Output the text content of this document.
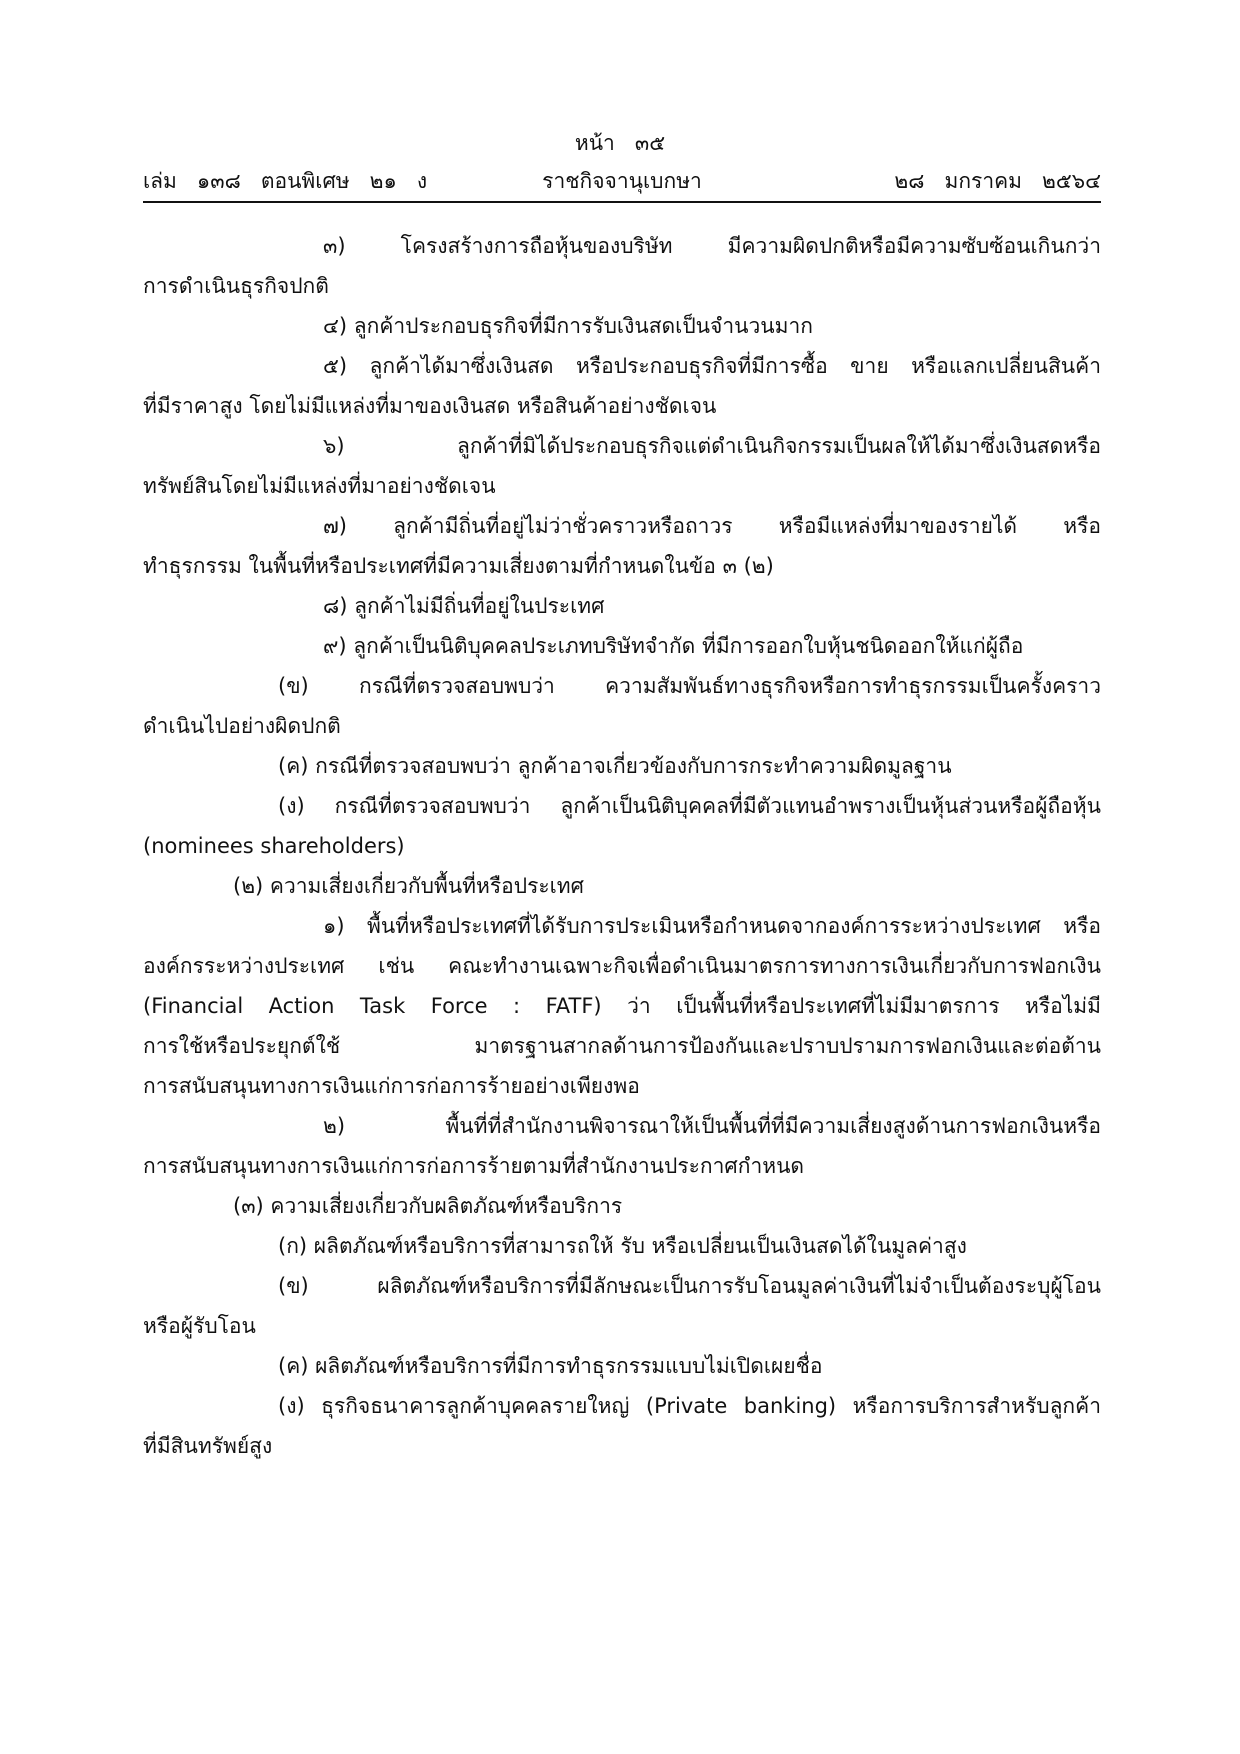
หน้า   ๓๕
เล่ม   ๑๓๘   ตอนพิเศษ   ๒๑   ง	ราชกิจจานุเบกษา	๒๘   มกราคม   ๒๕๖๔
๓) โครงสร้างการถือหุ้นของบริษัท มีความผิดปกติหรือมีความซับซ้อนเกินกว่า
การดำเนินธุรกิจปกติ
๔) ลูกค้าประกอบธุรกิจที่มีการรับเงินสดเป็นจำนวนมาก
๕) ลูกค้าได้มาซึ่งเงินสด หรือประกอบธุรกิจที่มีการซื้อ ขาย หรือแลกเปลี่ยนสินค้า
ที่มีราคาสูง โดยไม่มีแหล่งที่มาของเงินสด หรือสินค้าอย่างชัดเจน
๖) ลูกค้าที่มิได้ประกอบธุรกิจแต่ดำเนินกิจกรรมเป็นผลให้ได้มาซึ่งเงินสดหรือ
ทรัพย์สินโดยไม่มีแหล่งที่มาอย่างชัดเจน
๗) ลูกค้ามีถิ่นที่อยู่ไม่ว่าชั่วคราวหรือถาวร หรือมีแหล่งที่มาของรายได้ หรือ
ทำธุรกรรม ในพื้นที่หรือประเทศที่มีความเสี่ยงตามที่กำหนดในข้อ ๓ (๒)
๘) ลูกค้าไม่มีถิ่นที่อยู่ในประเทศ
๙) ลูกค้าเป็นนิติบุคคลประเภทบริษัทจำกัด ที่มีการออกใบหุ้นชนิดออกให้แก่ผู้ถือ
(ข) กรณีที่ตรวจสอบพบว่า ความสัมพันธ์ทางธุรกิจหรือการทำธุรกรรมเป็นครั้งคราว
ดำเนินไปอย่างผิดปกติ
(ค) กรณีที่ตรวจสอบพบว่า ลูกค้าอาจเกี่ยวข้องกับการกระทำความผิดมูลฐาน
(ง) กรณีที่ตรวจสอบพบว่า ลูกค้าเป็นนิติบุคคลที่มีตัวแทนอำพรางเป็นหุ้นส่วนหรือผู้ถือหุ้น
(nominees shareholders)
(๒) ความเสี่ยงเกี่ยวกับพื้นที่หรือประเทศ
๑) พื้นที่หรือประเทศที่ได้รับการประเมินหรือกำหนดจากองค์การระหว่างประเทศ หรือ
องค์กรระหว่างประเทศ เช่น คณะทำงานเฉพาะกิจเพื่อดำเนินมาตรการทางการเงินเกี่ยวกับการฟอกเงิน
(Financial Action Task Force : FATF) ว่า เป็นพื้นที่หรือประเทศที่ไม่มีมาตรการ หรือไม่มี
การใช้หรือประยุกต์ใช้ มาตรฐานสากลด้านการป้องกันและปราบปรามการฟอกเงินและต่อต้าน
การสนับสนุนทางการเงินแก่การก่อการร้ายอย่างเพียงพอ
๒) พื้นที่ที่สำนักงานพิจารณาให้เป็นพื้นที่ที่มีความเสี่ยงสูงด้านการฟอกเงินหรือ
การสนับสนุนทางการเงินแก่การก่อการร้ายตามที่สำนักงานประกาศกำหนด
(๓) ความเสี่ยงเกี่ยวกับผลิตภัณฑ์หรือบริการ
(ก) ผลิตภัณฑ์หรือบริการที่สามารถให้ รับ หรือเปลี่ยนเป็นเงินสดได้ในมูลค่าสูง
(ข) ผลิตภัณฑ์หรือบริการที่มีลักษณะเป็นการรับโอนมูลค่าเงินที่ไม่จำเป็นต้องระบุผู้โอน
หรือผู้รับโอน
(ค) ผลิตภัณฑ์หรือบริการที่มีการทำธุรกรรมแบบไม่เปิดเผยชื่อ
(ง) ธุรกิจธนาคารลูกค้าบุคคลรายใหญ่ (Private banking) หรือการบริการสำหรับลูกค้า
ที่มีสินทรัพย์สูง
